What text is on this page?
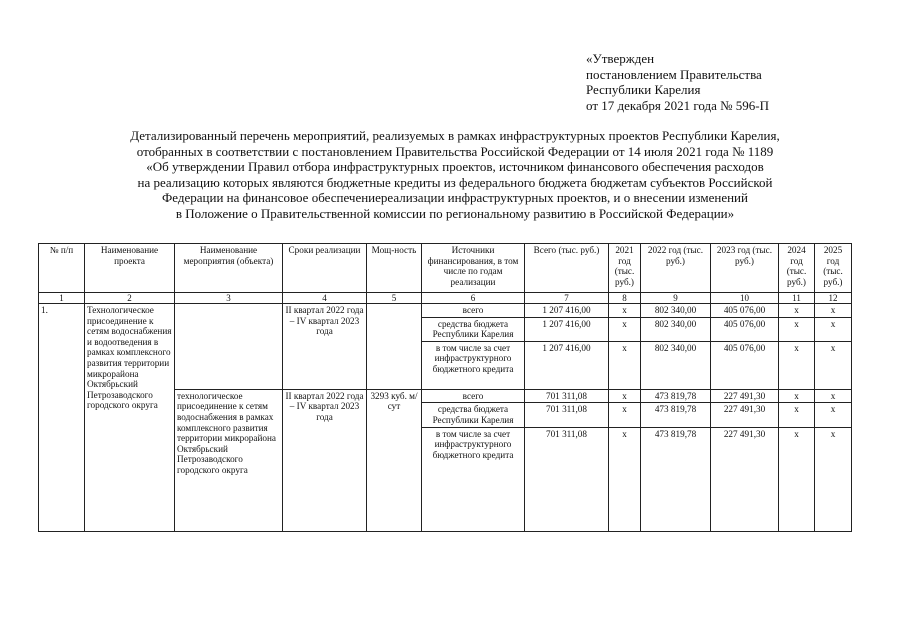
«Утвержден
постановлением Правительства
Республики Карелия
от 17 декабря 2021 года № 596-П
Детализированный перечень мероприятий, реализуемых в рамках инфраструктурных проектов Республики Карелия,
отобранных в соответствии с постановлением Правительства Российской Федерации от 14 июля 2021 года № 1189
«Об утверждении Правил отбора инфраструктурных проектов, источником финансового обеспечения расходов
на реализацию которых являются бюджетные кредиты из федерального бюджета бюджетам субъектов Российской
Федерации на финансовое обеспечениереализации инфраструктурных проектов, и о внесении изменений
в Положение о Правительственной комиссии по региональному развитию в Российской Федерации»
№ п/п	Наименование проекта	Наименование мероприятия (объекта)	Сроки реализации	Мощ-ность	Источники финансирования, в том числе по годам реализации	Всего (тыс. руб.)	2021 год (тыс. руб.)	2022 год (тыс. руб.)	2023 год (тыс. руб.)	2024 год (тыс. руб.)	2025 год (тыс. руб.)
1	2	3	4	5	6	7	8	9	10	11	12
1.	Технологическое присоединение к сетям водоснабжения и водоотведения в рамках комплексного развития территории микрорайона Октябрьский Петрозаводского городского округа		II квартал 2022 года – IV квартал 2023 года		всего	1 207 416,00	х	802 340,00	405 076,00	х	х
					средства бюджета Республики Карелия	1 207 416,00	х	802 340,00	405 076,00	х	х
					в том числе за счет инфраструктурного бюджетного кредита	1 207 416,00	х	802 340,00	405 076,00	х	х
		технологическое присоединение к сетям водоснабжения в рамках комплексного развития территории микрорайона Октябрьский Петрозаводского городского округа	II квартал 2022 года – IV квартал 2023 года	3293 куб. м/сут	всего	701 311,08	х	473 819,78	227 491,30	х	х
					средства бюджета Республики Карелия	701 311,08	х	473 819,78	227 491,30	х	х
					в том числе за счет инфраструктурного бюджетного кредита	701 311,08	х	473 819,78	227 491,30	х	х
